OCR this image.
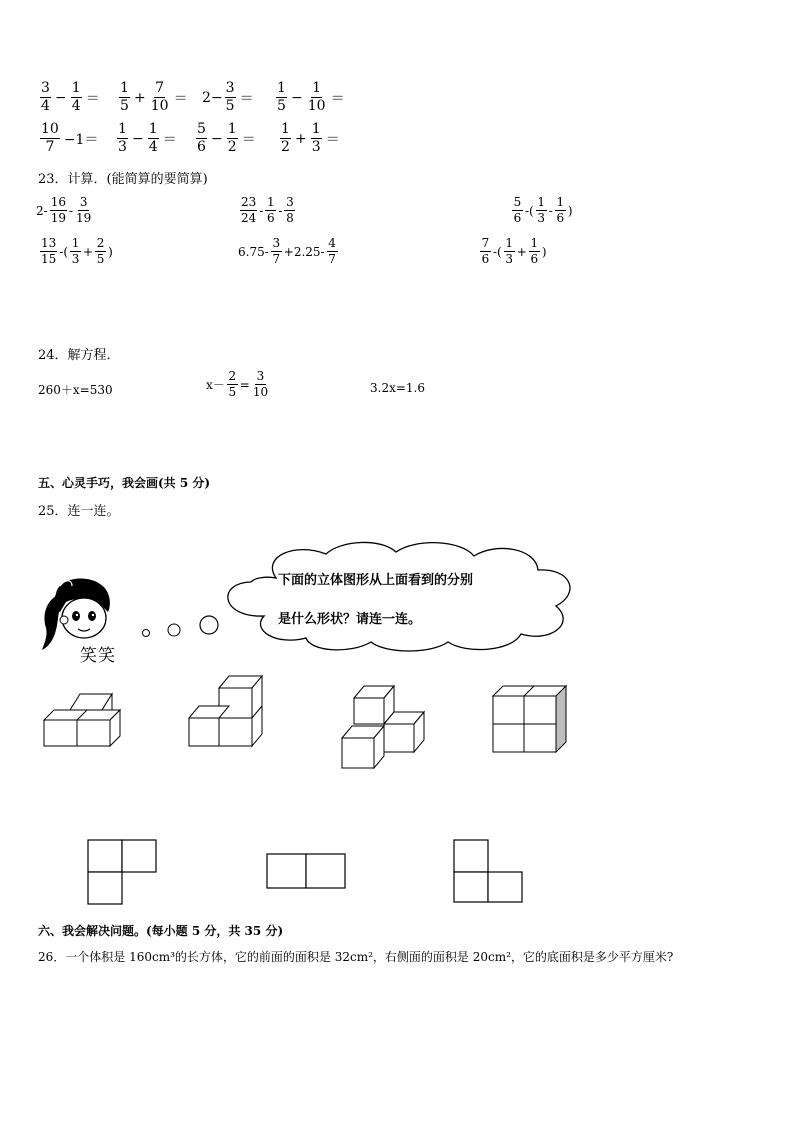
$\frac{3}{4} - \frac{1}{4} = \frac{1}{5} + \frac{7}{10} = 2- \frac{3}{5} = \frac{1}{5} - \frac{1}{10}$ ＝
$\frac{10}{7} -1= \frac{1}{3} - \frac{1}{4} = \frac{5}{6} - \frac{1}{2} = \frac{1}{2} + \frac{1}{3}$ ＝
23．计算．(能简算的要简算)
$2- \frac{16}{19} - \frac{3}{19}$	$\frac{23}{24} - \frac{1}{6} - \frac{3}{8}$	$\frac{5}{6}$ -( $\frac{1}{3} - \frac{1}{6}$ )
$\frac{13}{15}$ -( $\frac{1}{3} + \frac{2}{5}$ )	$6.75- \frac{3}{7} +2.25- \frac{4}{7}$	$\frac{7}{6}$ -( $\frac{1}{3} + \frac{1}{6}$ )
24．解方程．
260＋x=530	$x- \frac{2}{5} = \frac{3}{10}$	3.2x=1.6
五、心灵手巧，我会画(共 5 分)
25．连一连。
下面的立体图形从上面看到的分别
是什么形状？请连一连。
笑笑
六、我会解决问题。(每小题 5 分，共 35 分)
26．一个体积是 160cm³的长方体，它的前面的面积是 32cm²，右侧面的面积是 20cm²，它的底面积是多少平方厘米?
